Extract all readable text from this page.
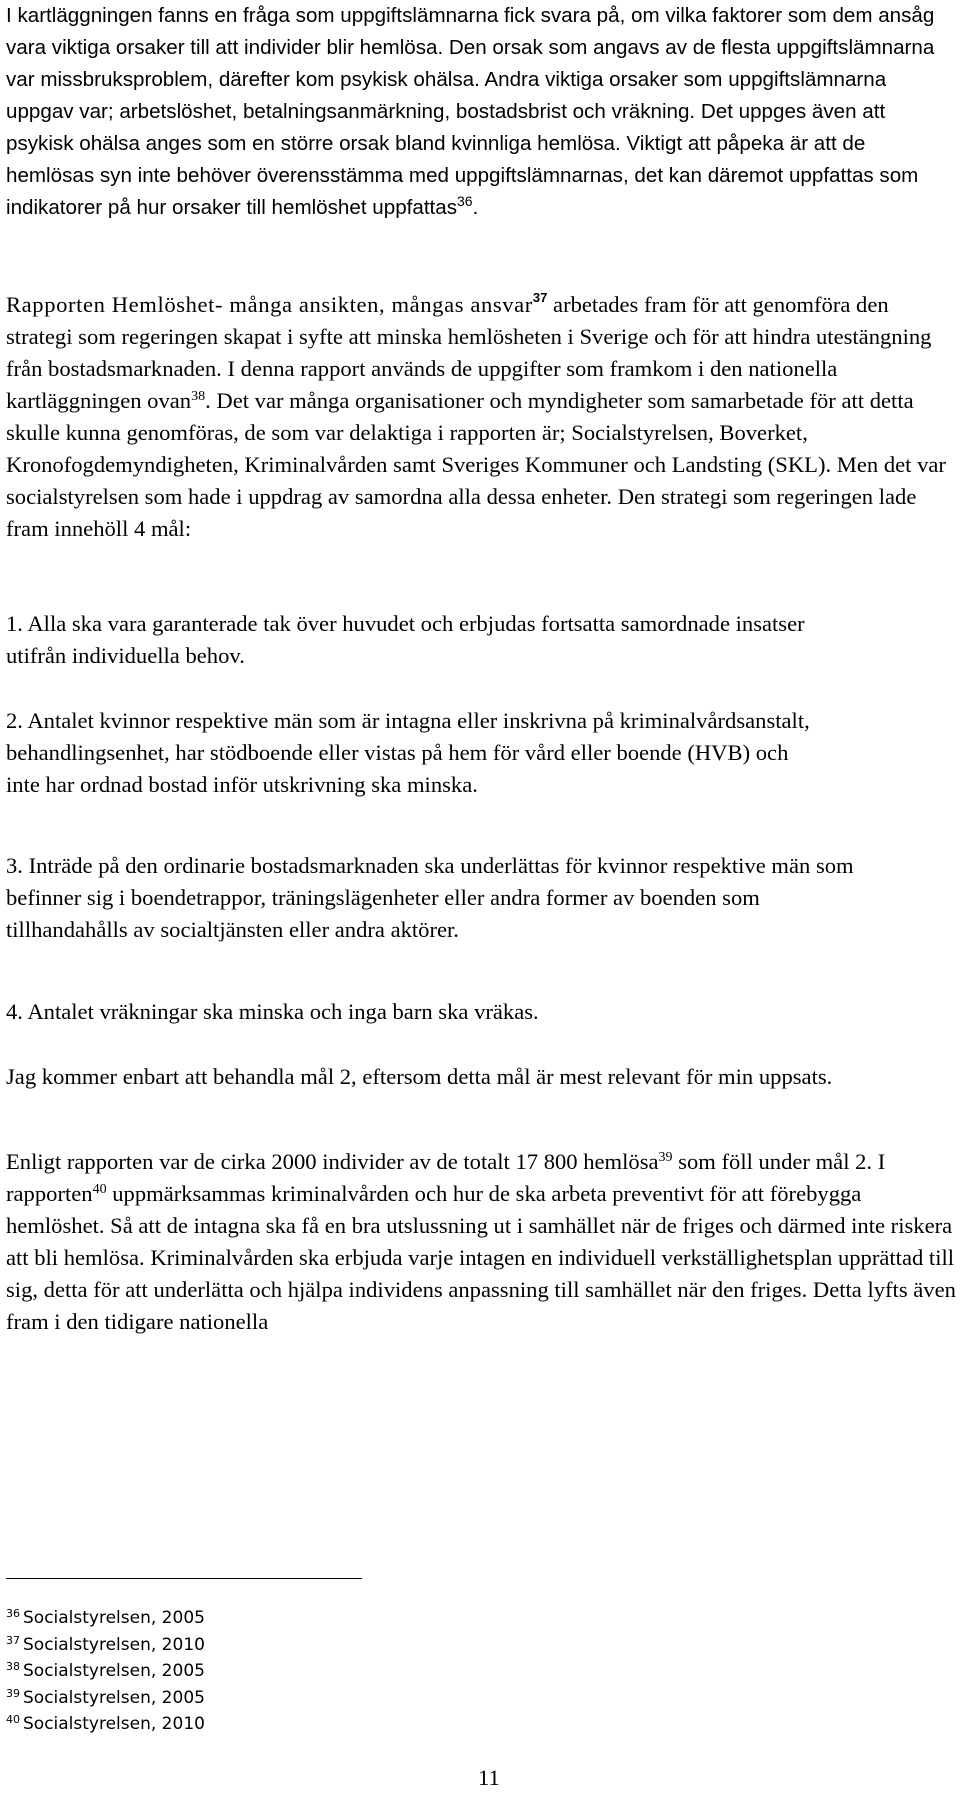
I kartläggningen fanns en fråga som uppgiftslämnarna fick svara på, om vilka faktorer som dem ansåg vara viktiga orsaker till att individer blir hemlösa. Den orsak som angavs av de flesta uppgiftslämnarna var missbruksproblem, därefter kom psykisk ohälsa. Andra viktiga orsaker som uppgiftslämnarna uppgav var; arbetslöshet, betalningsanmärkning, bostadsbrist och vräkning. Det uppges även att psykisk ohälsa anges som en större orsak bland kvinnliga hemlösa. Viktigt att påpeka är att de hemlösas syn inte behöver överensstämma med uppgiftslämnarnas, det kan däremot uppfattas som indikatorer på hur orsaker till hemlöshet uppfattas$^{36}$.

Rapporten Hemlöshet- många ansikten, mångas ansvar$^{37}$ arbetades fram för att genomföra den strategi som regeringen skapat i syfte att minska hemlösheten i Sverige och för att hindra utestängning från bostadsmarknaden. I denna rapport används de uppgifter som framkom i den nationella kartläggningen ovan$^{38}$. Det var många organisationer och myndigheter som samarbetade för att detta skulle kunna genomföras, de som var delaktiga i rapporten är; Socialstyrelsen, Boverket, Kronofogdemyndigheten, Kriminalvården samt Sveriges Kommuner och Landsting (SKL). Men det var socialstyrelsen som hade i uppdrag av samordna alla dessa enheter. Den strategi som regeringen lade fram innehöll 4 mål:

1. Alla ska vara garanterade tak över huvudet och erbjudas fortsatta samordnade insatser utifrån individuella behov.

2. Antalet kvinnor respektive män som är intagna eller inskrivna på kriminalvårdsanstalt, behandlingsenhet, har stödboende eller vistas på hem för vård eller boende (HVB) och inte har ordnad bostad inför utskrivning ska minska.

3. Inträde på den ordinarie bostadsmarknaden ska underlättas för kvinnor respektive män som befinner sig i boendetrappor, träningslägenheter eller andra former av boenden som tillhandahålls av socialtjänsten eller andra aktörer.

4. Antalet vräkningar ska minska och inga barn ska vräkas.

Jag kommer enbart att behandla mål 2, eftersom detta mål är mest relevant för min uppsats.

Enligt rapporten var de cirka 2000 individer av de totalt 17 800 hemlösa$^{39}$ som föll under mål 2. I rapporten$^{40}$ uppmärksammas kriminalvården och hur de ska arbeta preventivt för att förebygga hemlöshet. Så att de intagna ska få en bra utslussning ut i samhället när de friges och därmed inte riskera att bli hemlösa. Kriminalvården ska erbjuda varje intagen en individuell verkställighetsplan upprättad till sig, detta för att underlätta och hjälpa individens anpassning till samhället när den friges. Detta lyfts även fram i den tidigare nationella

$^{36}$ Socialstyrelsen, 2005
$^{37}$ Socialstyrelsen, 2010
$^{38}$ Socialstyrelsen, 2005
$^{39}$ Socialstyrelsen, 2005
$^{40}$ Socialstyrelsen, 2010
11
